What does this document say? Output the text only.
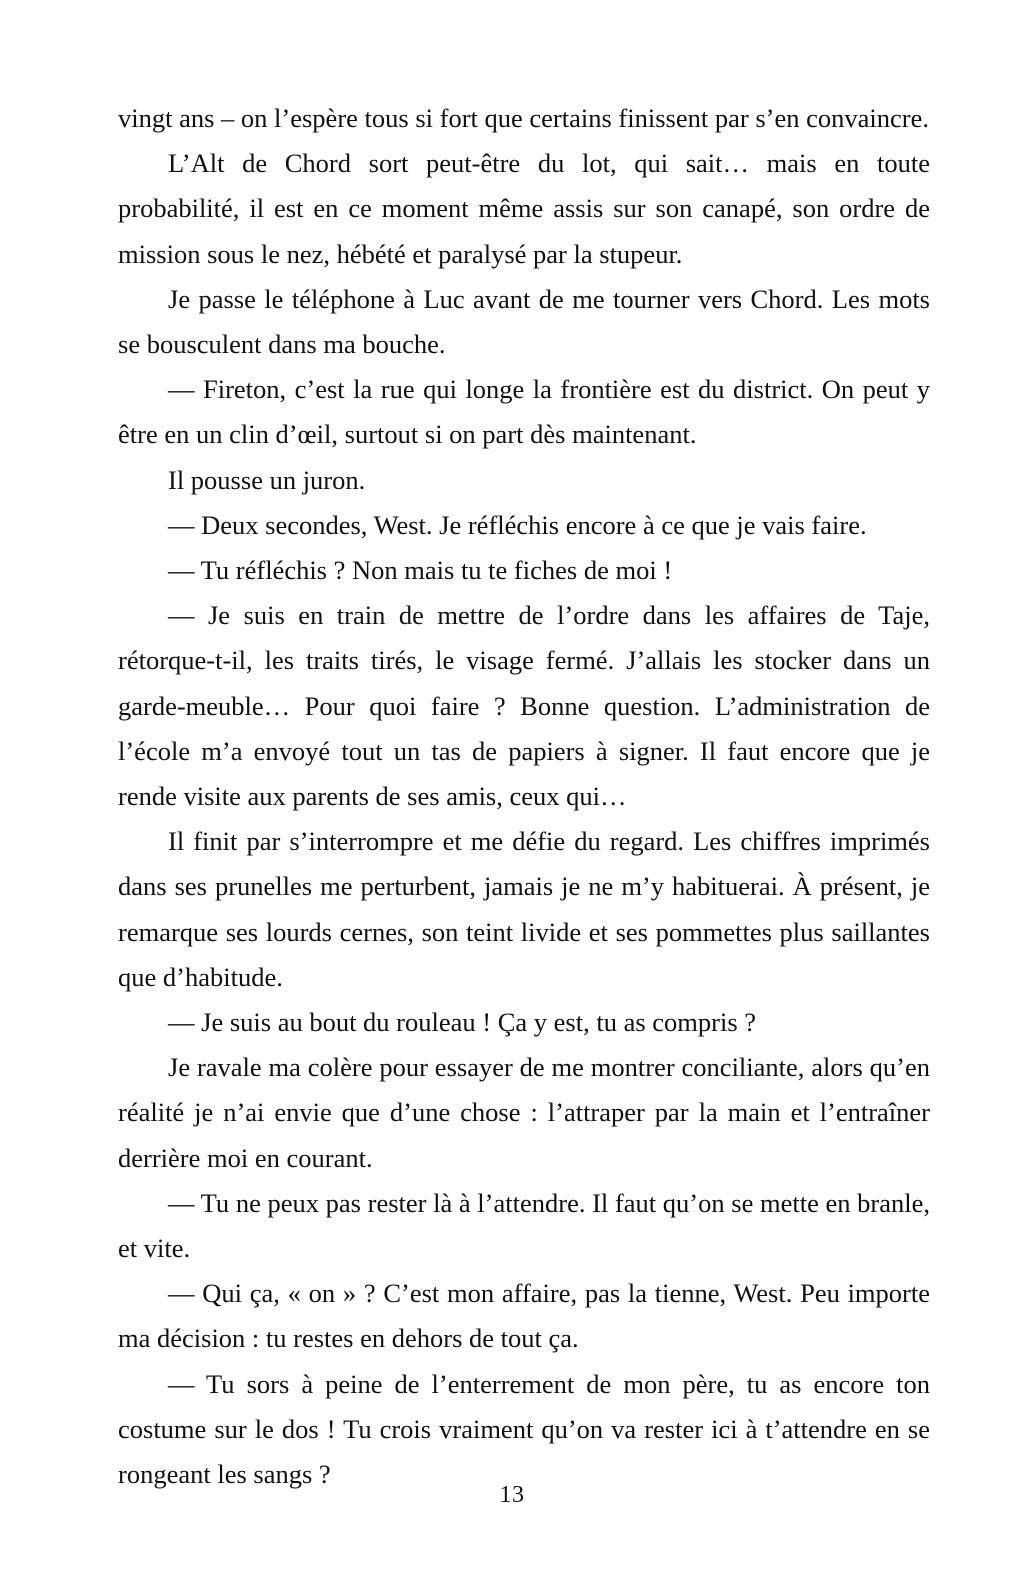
vingt ans – on l’espère tous si fort que certains finissent par s’en convaincre.

L’Alt de Chord sort peut-être du lot, qui sait… mais en toute probabilité, il est en ce moment même assis sur son canapé, son ordre de mission sous le nez, hébété et paralysé par la stupeur.

Je passe le téléphone à Luc avant de me tourner vers Chord. Les mots se bousculent dans ma bouche.

— Fireton, c’est la rue qui longe la frontière est du district. On peut y être en un clin d’œil, surtout si on part dès maintenant.

Il pousse un juron.

— Deux secondes, West. Je réfléchis encore à ce que je vais faire.

— Tu réfléchis ? Non mais tu te fiches de moi !

— Je suis en train de mettre de l’ordre dans les affaires de Taje, rétorque-t-il, les traits tirés, le visage fermé. J’allais les stocker dans un garde-meuble… Pour quoi faire ? Bonne question. L’administration de l’école m’a envoyé tout un tas de papiers à signer. Il faut encore que je rende visite aux parents de ses amis, ceux qui…

Il finit par s’interrompre et me défie du regard. Les chiffres imprimés dans ses prunelles me perturbent, jamais je ne m’y habituerai. À présent, je remarque ses lourds cernes, son teint livide et ses pommettes plus saillantes que d’habitude.

— Je suis au bout du rouleau ! Ça y est, tu as compris ?

Je ravale ma colère pour essayer de me montrer conciliante, alors qu’en réalité je n’ai envie que d’une chose : l’attraper par la main et l’entraîner derrière moi en courant.

— Tu ne peux pas rester là à l’attendre. Il faut qu’on se mette en branle, et vite.

— Qui ça, « on » ? C’est mon affaire, pas la tienne, West. Peu importe ma décision : tu restes en dehors de tout ça.

— Tu sors à peine de l’enterrement de mon père, tu as encore ton costume sur le dos ! Tu crois vraiment qu’on va rester ici à t’attendre en se rongeant les sangs ?

13
